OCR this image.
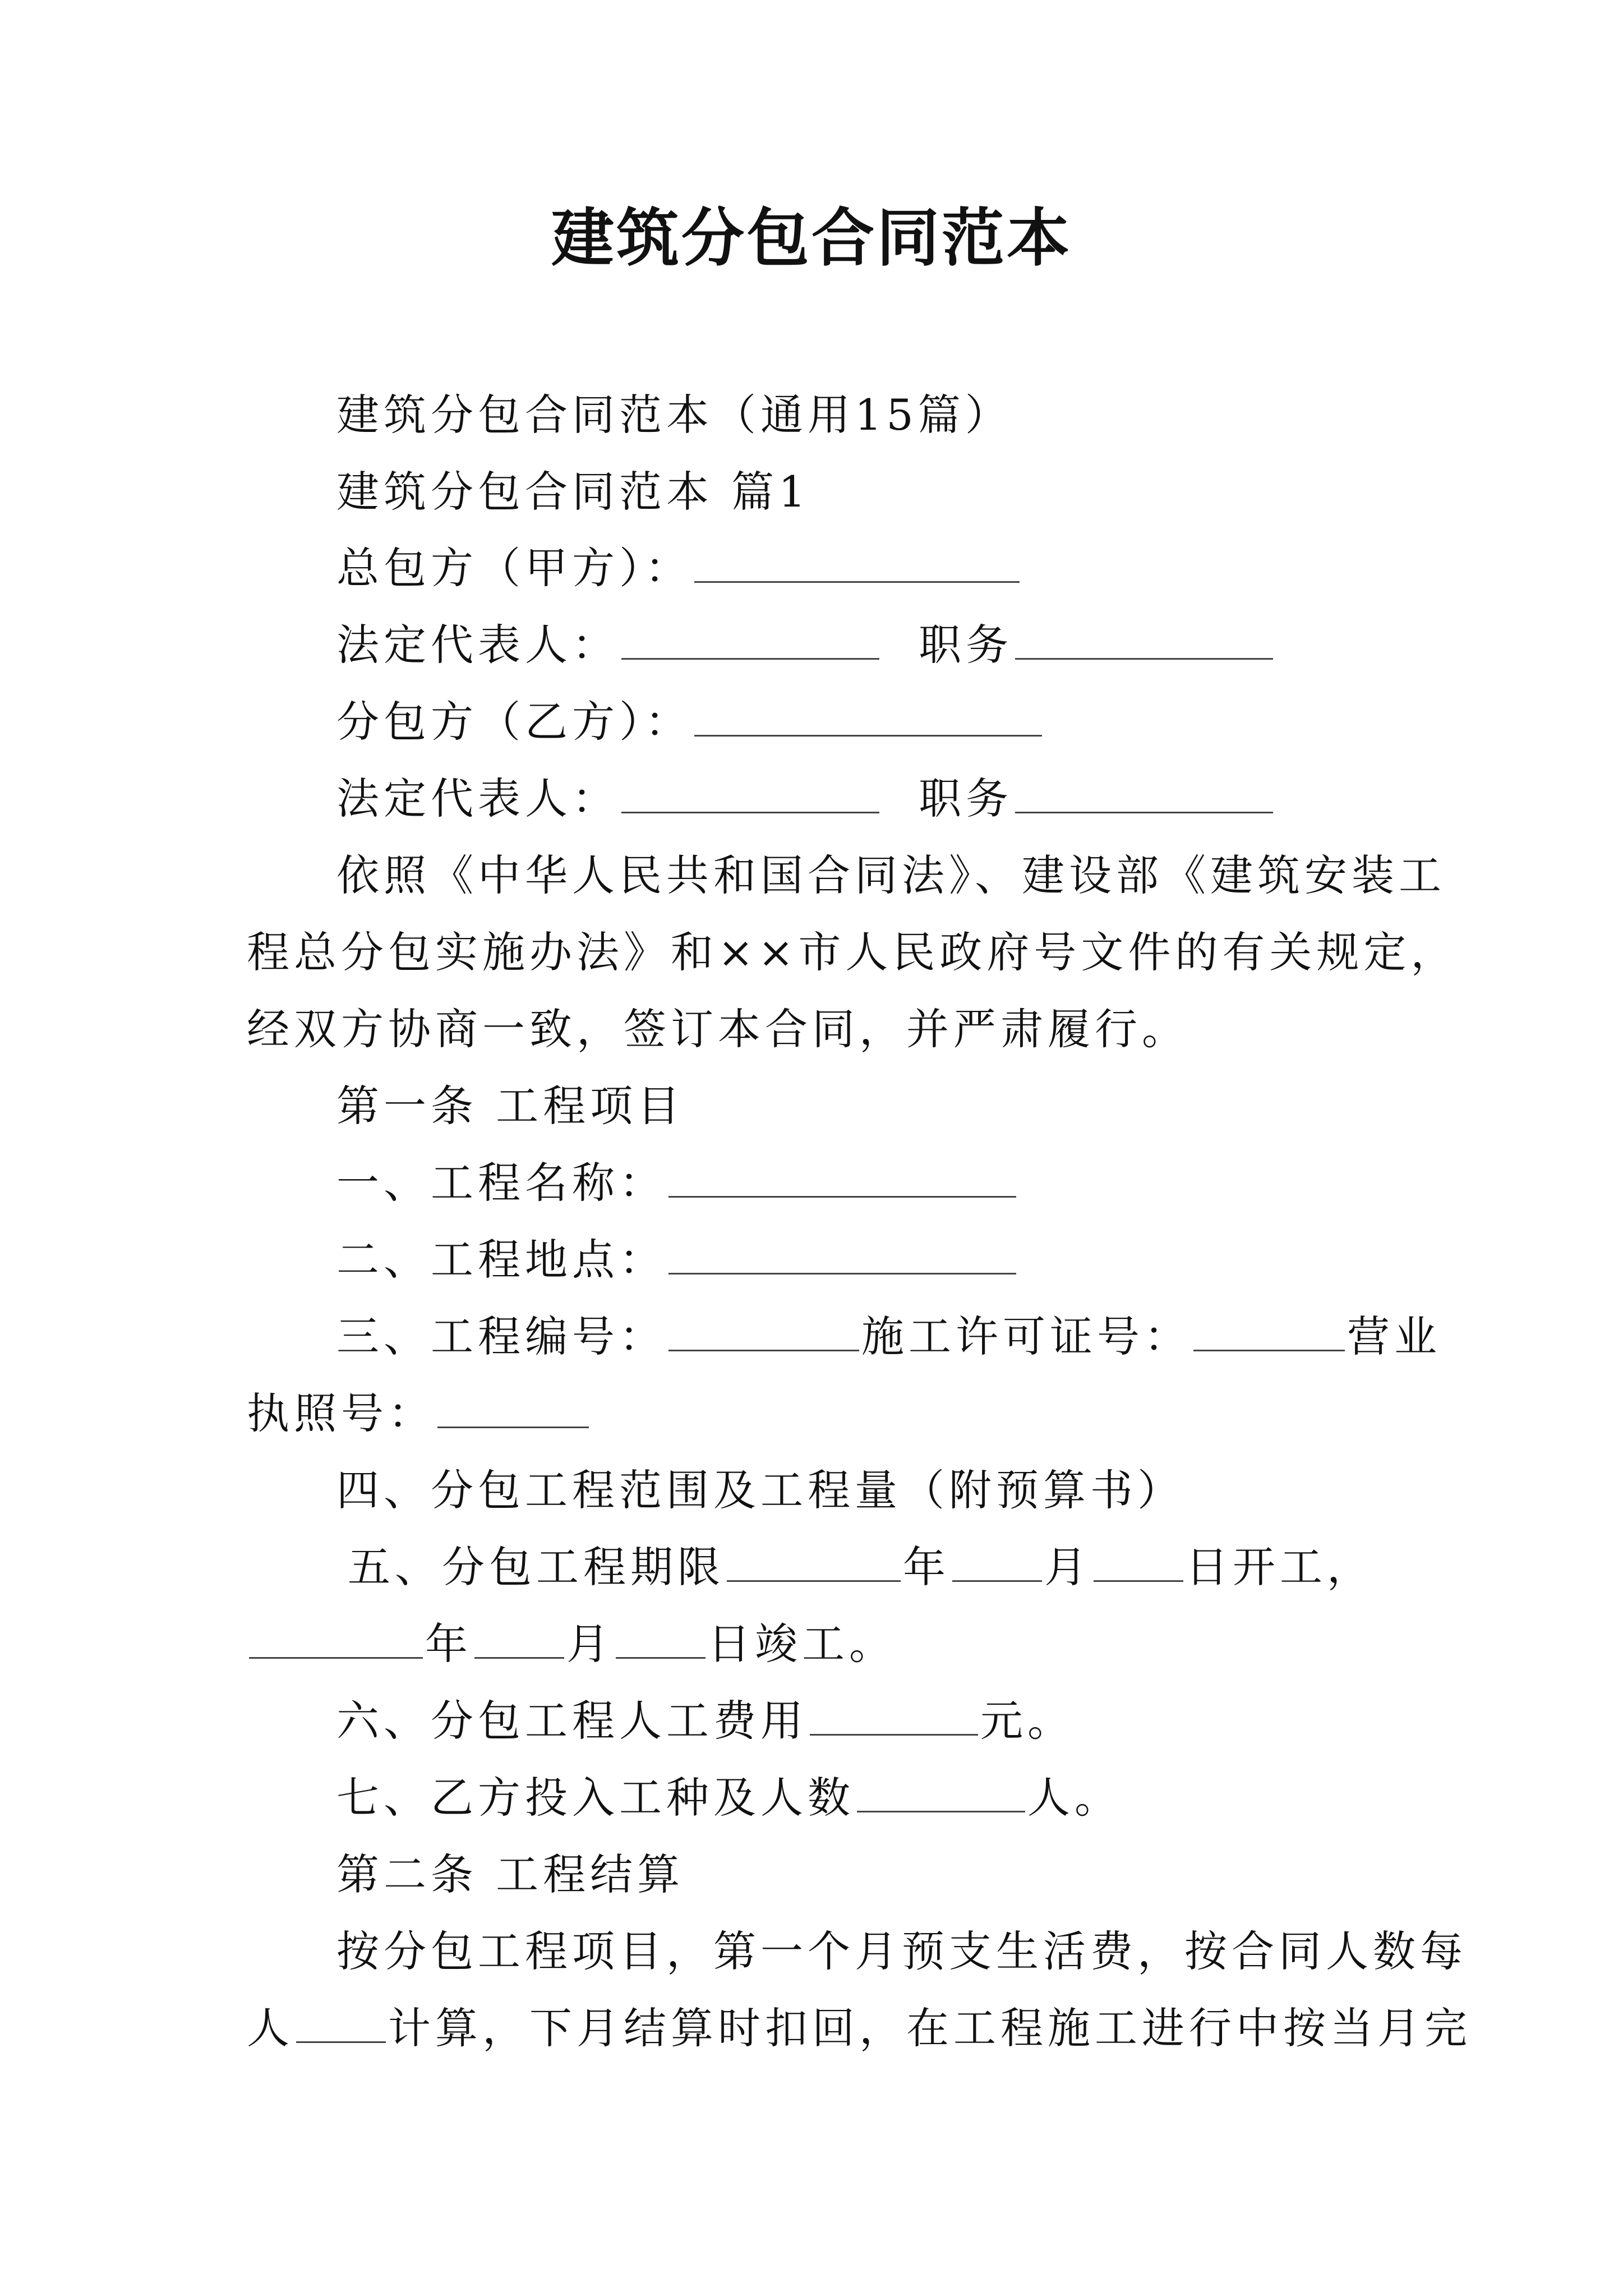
建筑分包合同范本
建筑分包合同范本（通用15篇）
建筑分包合同范本 篇1
总包方（甲方）：
法定代表人：	职务
分包方（乙方）：
法定代表人：	职务
依照《中华人民共和国合同法》、建设部《建筑安装工
程总分包实施办法》和××市人民政府号文件的有关规定，
经双方协商一致，签订本合同，并严肃履行。
第一条 工程项目
一、工程名称：
二、工程地点：
三、工程编号：	施工许可证号：	营业
执照号：
四、分包工程范围及工程量（附预算书）
五、分包工程期限	年 月 日开工，
年 月 日竣工。
六、分包工程人工费用	元。
七、乙方投入工种及人数	人。
第二条 工程结算
按分包工程项目，第一个月预支生活费，按合同人数每
人 计算，下月结算时扣回，在工程施工进行中按当月完
